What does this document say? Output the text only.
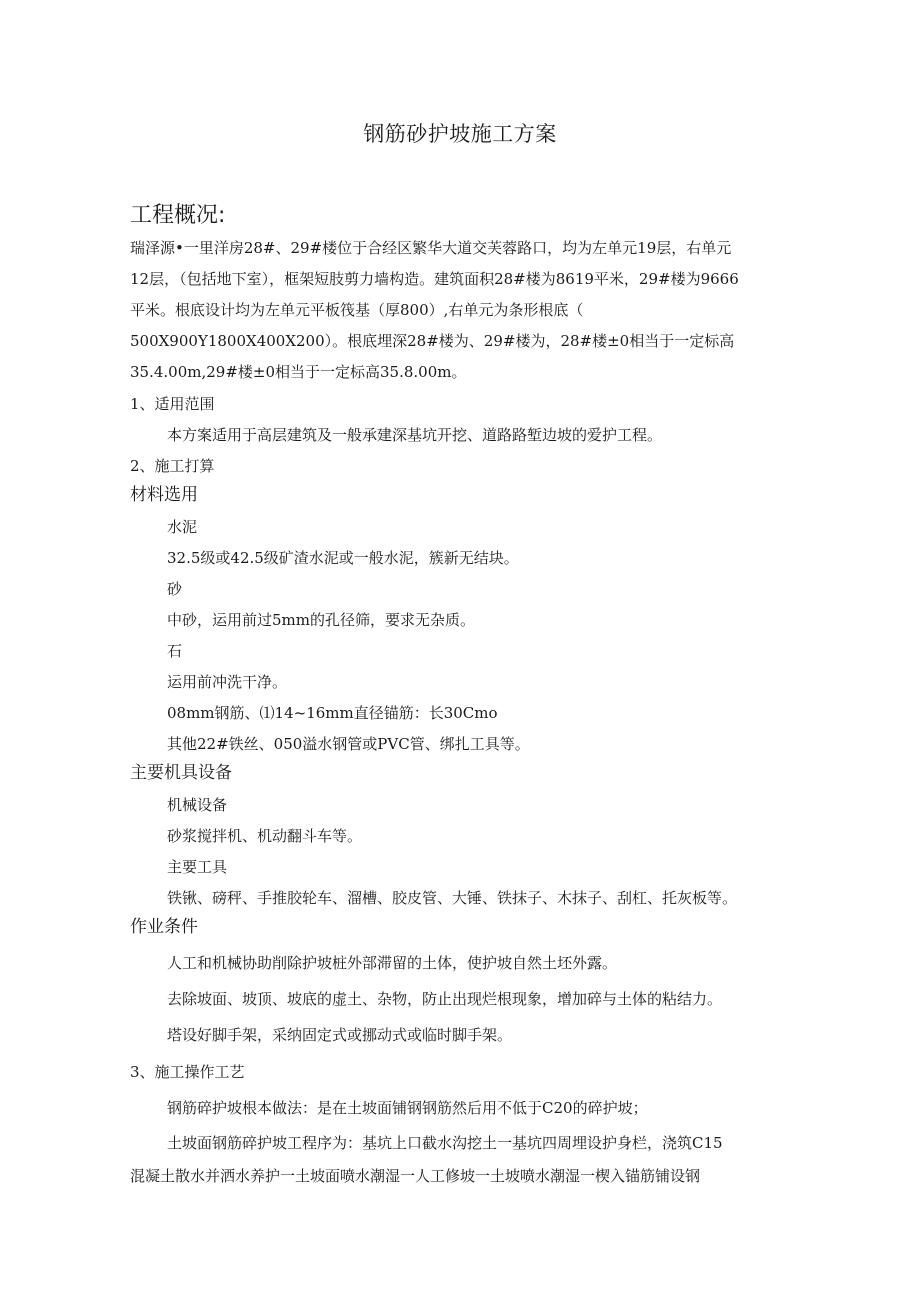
钢筋砂护坡施工方案
工程概况:
瑞泽源•一里洋房28#、29#楼位于合经区繁华大道交芙蓉路口，均为左单元19层，右单元
12层，（包括地下室），框架短肢剪力墙构造。建筑面积28#楼为8619平米，29#楼为9666
平米。根底设计均为左单元平板筏基（厚800）,右单元为条形根底（
500X900Y1800X400X200）。根底埋深28#楼为、29#楼为，28#楼±0相当于一定标高
35.4.00m,29#楼±0相当于一定标高35.8.00m。
1、适用范围
本方案适用于高层建筑及一般承建深基坑开挖、道路路堑边坡的爱护工程。
2、施工打算
材料选用
水泥
32.5级或42.5级矿渣水泥或一般水泥，簇新无结块。
砂
中砂，运用前过5mm的孔径筛，要求无杂质。
石
运用前冲洗干净。
08mm钢筋、⑴14~16mm直径锚筋：长30Cmo
其他22#铁丝、050溢水钢管或PVC管、绑扎工具等。
主要机具设备
机械设备
砂浆搅拌机、机动翻斗车等。
主要工具
铁锹、磅秤、手推胶轮车、溜槽、胶皮管、大锤、铁抹子、木抹子、刮杠、托灰板等。
作业条件
人工和机械协助削除护坡桩外部滞留的土体，使护坡自然土坯外露。
去除坡面、坡顶、坡底的虚土、杂物，防止出现烂根现象，增加碎与土体的粘结力。
塔设好脚手架，采纳固定式或挪动式或临时脚手架。
3、施工操作工艺
钢筋碎护坡根本做法：是在土坡面铺钢钢筋然后用不低于C20的碎护坡；
土坡面钢筋碎护坡工程序为：基坑上口截水沟挖土一基坑四周埋设护身栏，浇筑C15
混凝土散水并洒水养护一土坡面喷水潮湿一人工修坡一土坡喷水潮湿一楔入锚筋铺设钢
